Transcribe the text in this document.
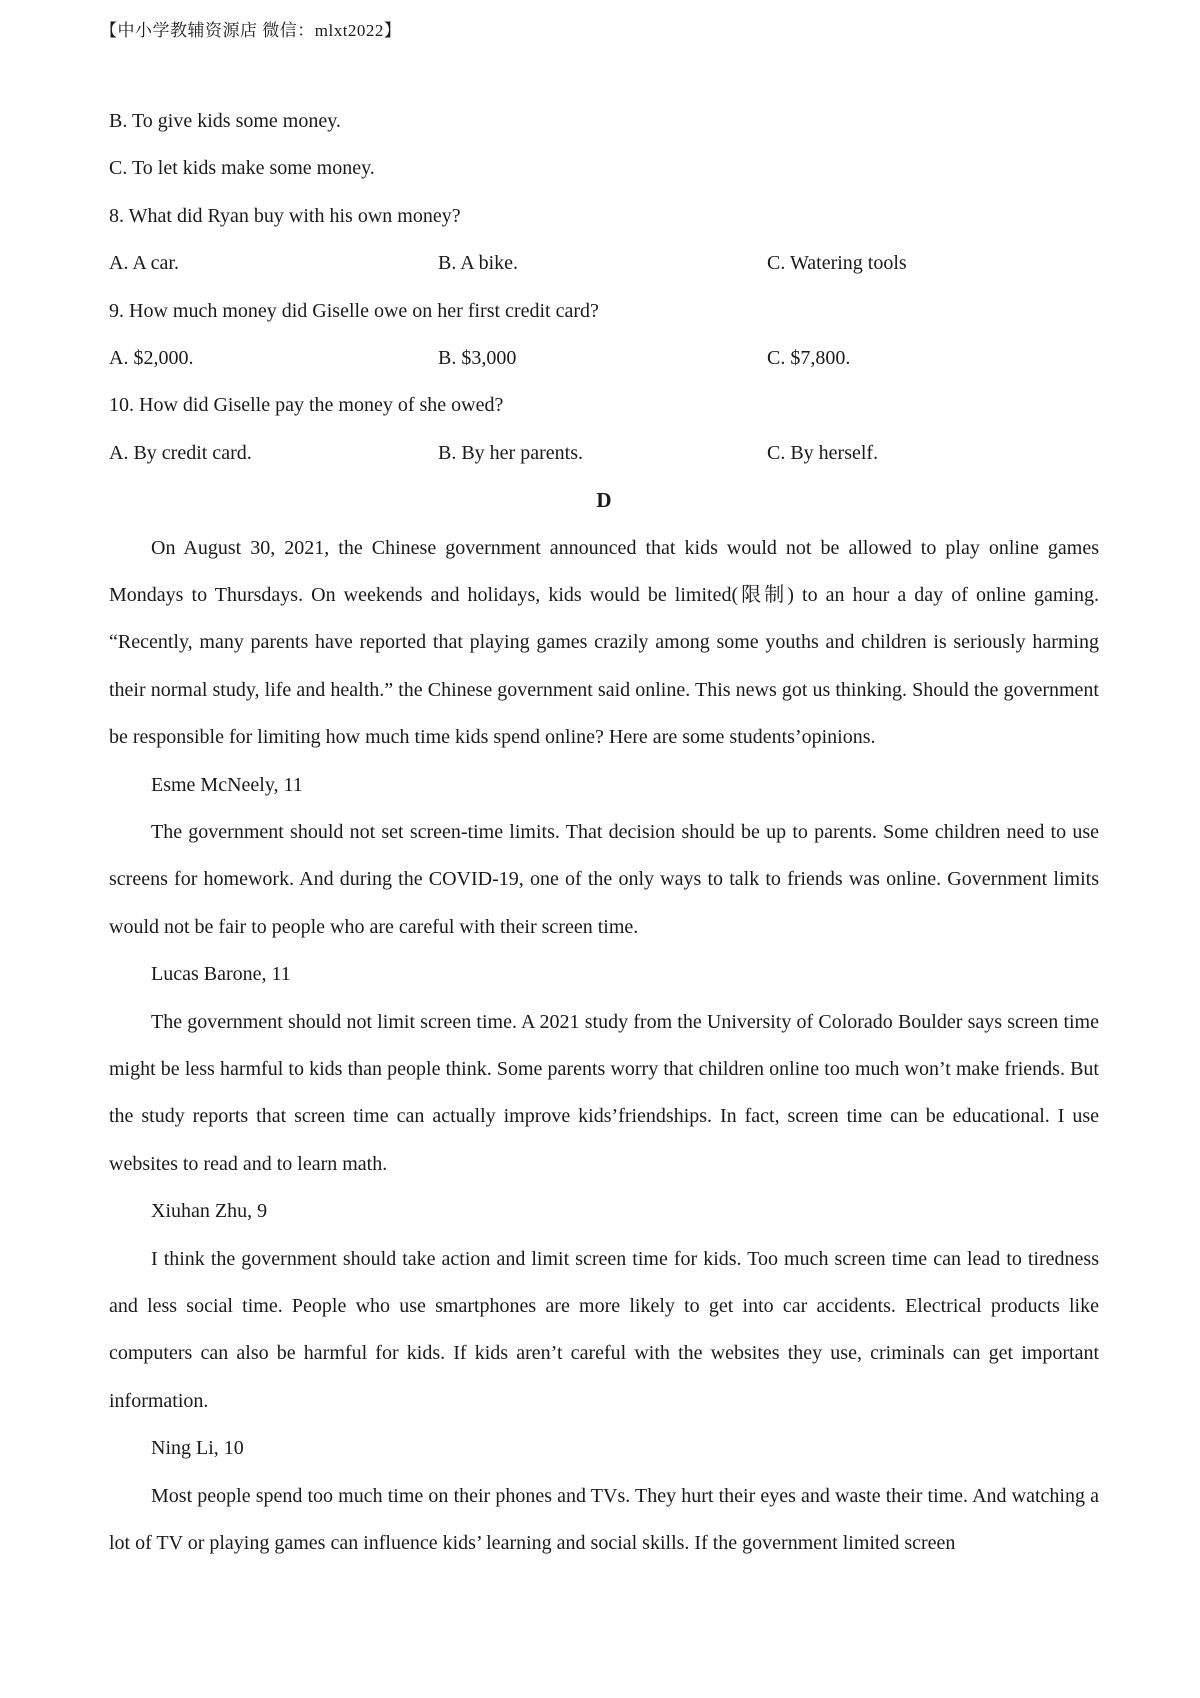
【中小学教辅资源店 微信：mlxt2022】
B. To give kids some money.
C. To let kids make some money.
8. What did Ryan buy with his own money?
A. A car.	B. A bike.	C. Watering tools
9. How much money did Giselle owe on her first credit card?
A. $2,000.	B. $3,000	C. $7,800.
10. How did Giselle pay the money of she owed?
A. By credit card.	B. By her parents.	C. By herself.
D

On August 30, 2021, the Chinese government announced that kids would not be allowed to play online games Mondays to Thursdays. On weekends and holidays, kids would be limited(限制) to an hour a day of online gaming. “Recently, many parents have reported that playing games crazily among some youths and children is seriously harming their normal study, life and health.” the Chinese government said online. This news got us thinking. Should the government be responsible for limiting how much time kids spend online? Here are some students’opinions.

Esme McNeely, 11

The government should not set screen-time limits. That decision should be up to parents. Some children need to use screens for homework. And during the COVID-19, one of the only ways to talk to friends was online. Government limits would not be fair to people who are careful with their screen time.

Lucas Barone, 11

The government should not limit screen time. A 2021 study from the University of Colorado Boulder says screen time might be less harmful to kids than people think. Some parents worry that children online too much won’t make friends. But the study reports that screen time can actually improve kids’friendships. In fact, screen time can be educational. I use websites to read and to learn math.

Xiuhan Zhu, 9

I think the government should take action and limit screen time for kids. Too much screen time can lead to tiredness and less social time. People who use smartphones are more likely to get into car accidents. Electrical products like computers can also be harmful for kids. If kids aren’t careful with the websites they use, criminals can get important information.

Ning Li, 10

Most people spend too much time on their phones and TVs. They hurt their eyes and waste their time. And watching a lot of TV or playing games can influence kids’ learning and social skills. If the government limited screen
